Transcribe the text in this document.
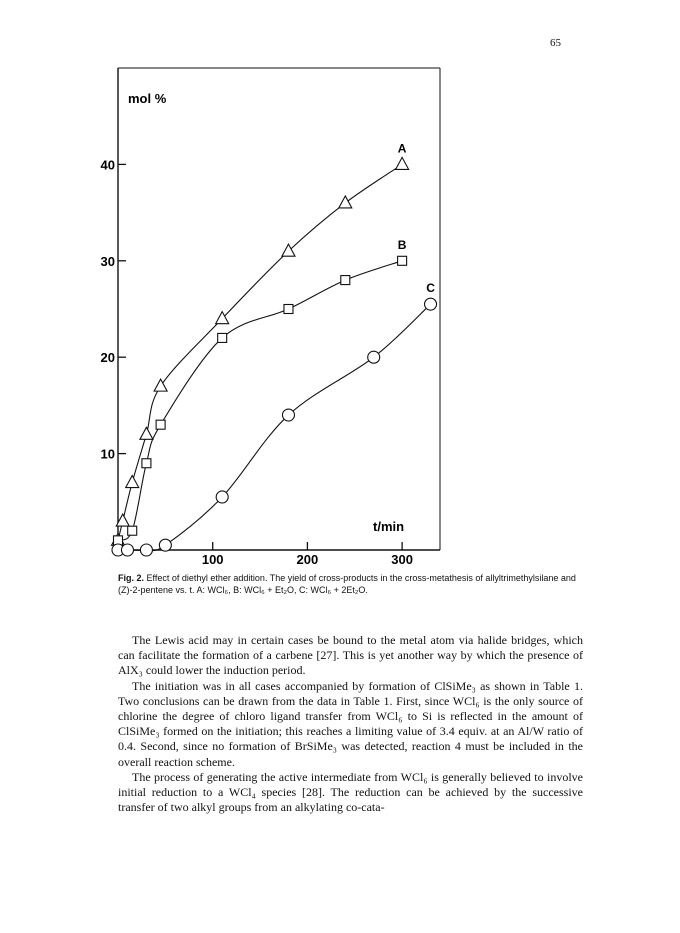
65
10
20
30
40
100	200	300
mol %
t/min
A
B
C
Fig. 2. Effect of diethyl ether addition. The yield of cross-products in the cross-metathesis of allyltrimethylsilane and (Z)-2-pentene vs. t. A: WCl₆, B: WCl₆ + Et₂O, C: WCl₆ + 2Et₂O.

The Lewis acid may in certain cases be bound to the metal atom via halide bridges, which can facilitate the formation of a carbene [27]. This is yet another way by which the presence of AlX₃ could lower the induction period.

The initiation was in all cases accompanied by formation of ClSiMe₃ as shown in Table 1. Two conclusions can be drawn from the data in Table 1. First, since WCl₆ is the only source of chlorine the degree of chloro ligand transfer from WCl₆ to Si is reflected in the amount of ClSiMe₃ formed on the initiation; this reaches a limiting value of 3.4 equiv. at an Al/W ratio of 0.4. Second, since no formation of BrSiMe₃ was detected, reaction 4 must be included in the overall reaction scheme.

The process of generating the active intermediate from WCl₆ is generally believed to involve initial reduction to a WCl₄ species [28]. The reduction can be achieved by the successive transfer of two alkyl groups from an alkylating co-cata-
